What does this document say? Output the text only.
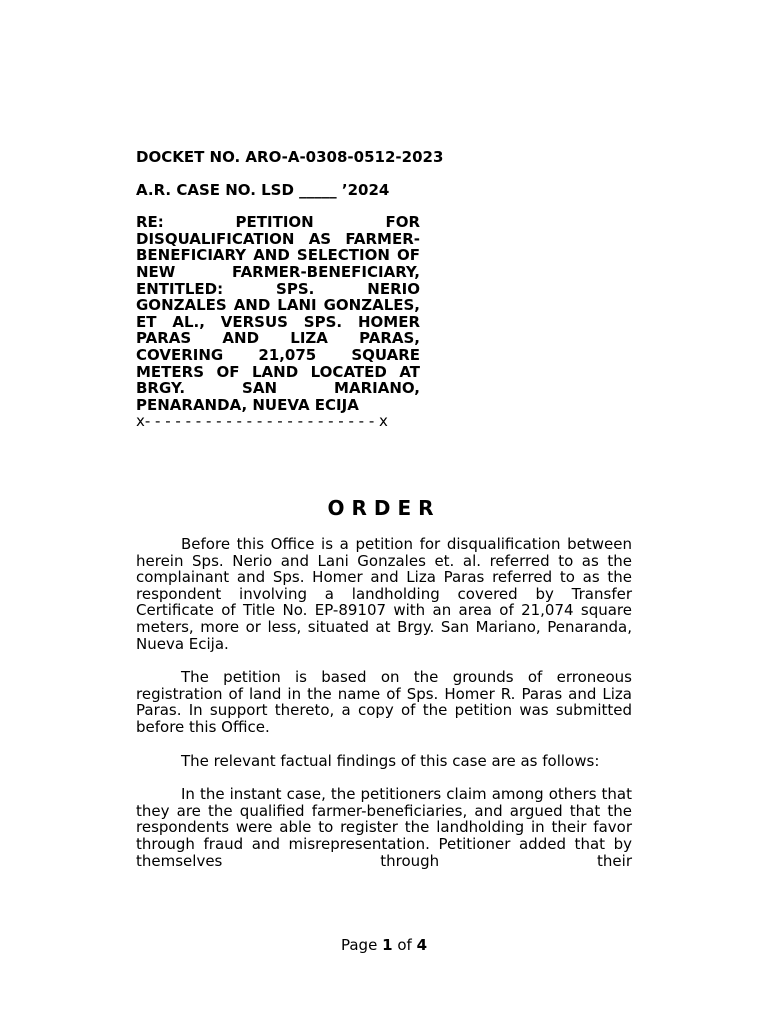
DOCKET NO. ARO-A-0308-0512-2023

A.R. CASE NO. LSD _____ ’2024

RE: PETITION FOR DISQUALIFICATION AS FARMER-BENEFICIARY AND SELECTION OF NEW FARMER-BENEFICIARY, ENTITLED: SPS. NERIO GONZALES AND LANI GONZALES, ET AL., VERSUS SPS. HOMER PARAS AND LIZA PARAS, COVERING 21,075 SQUARE METERS OF LAND LOCATED AT BRGY. SAN MARIANO, PENARANDA, NUEVA ECIJA

x- - - - - - - - - - - - - - - - - - - - - - - x

ORDER

Before this Office is a petition for disqualification between herein Sps. Nerio and Lani Gonzales et. al. referred to as the complainant and Sps. Homer and Liza Paras referred to as the respondent involving a landholding covered by Transfer Certificate of Title No. EP-89107 with an area of 21,074 square meters, more or less, situated at Brgy. San Mariano, Penaranda, Nueva Ecija.

The petition is based on the grounds of erroneous registration of land in the name of Sps. Homer R. Paras and Liza Paras. In support thereto, a copy of the petition was submitted before this Office.

The relevant factual findings of this case are as follows:

In the instant case, the petitioners claim among others that they are the qualified farmer-beneficiaries, and argued that the respondents were able to register the landholding in their favor through fraud and misrepresentation. Petitioner added that by themselves through their

Page 1 of 4
